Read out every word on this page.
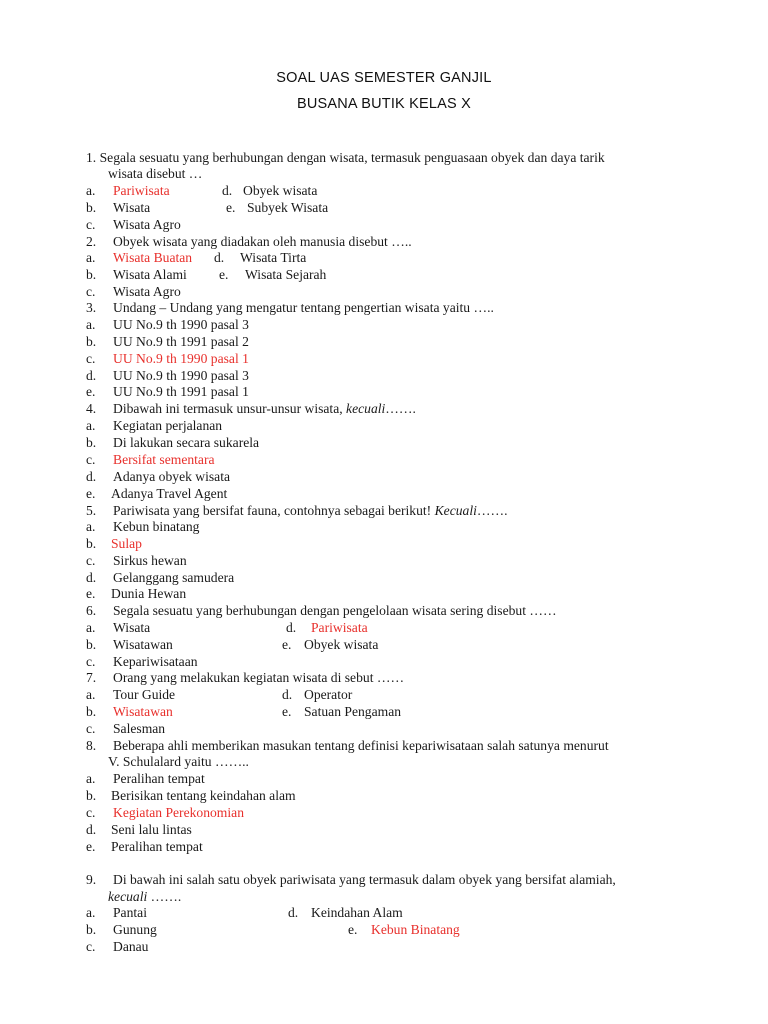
SOAL UAS SEMESTER GANJIL
BUSANA BUTIK KELAS X
1. Segala sesuatu yang berhubungan dengan wisata, termasuk penguasaan obyek dan daya tarik
wisata disebut …
a. Pariwisata	d. Obyek wisata
b. Wisata	e. Subyek Wisata
c. Wisata Agro
2. Obyek wisata yang diadakan oleh manusia disebut …..
a. Wisata Buatan d. Wisata Tirta
b. Wisata Alami e. Wisata Sejarah
c. Wisata Agro
3. Undang – Undang yang mengatur tentang pengertian wisata yaitu …..
a. UU No.9 th 1990 pasal 3
b. UU No.9 th 1991 pasal 2
c. UU No.9 th 1990 pasal 1
d. UU No.9 th 1990 pasal 3
e. UU No.9 th 1991 pasal 1
4. Dibawah ini termasuk unsur-unsur wisata, kecuali…….
a. Kegiatan perjalanan
b. Di lakukan secara sukarela
c. Bersifat sementara
d. Adanya obyek wisata
e. Adanya Travel Agent
5. Pariwisata yang bersifat fauna, contohnya sebagai berikut! Kecuali…….
a. Kebun binatang
b. Sulap
c. Sirkus hewan
d. Gelanggang samudera
e. Dunia Hewan
6. Segala sesuatu yang berhubungan dengan pengelolaan wisata sering disebut ……
a. Wisata	d. Pariwisata
b. Wisatawan	e. Obyek wisata
c. Kepariwisataan
7. Orang yang melakukan kegiatan wisata di sebut ……
a. Tour Guide	d. Operator
b. Wisatawan	e. Satuan Pengaman
c. Salesman
8. Beberapa ahli memberikan masukan tentang definisi kepariwisataan salah satunya menurut
V. Schulalard yaitu ……..
a. Peralihan tempat
b. Berisikan tentang keindahan alam
c. Kegiatan Perekonomian
d. Seni lalu lintas
e. Peralihan tempat
9. Di bawah ini salah satu obyek pariwisata yang termasuk dalam obyek yang bersifat alamiah,
kecuali …….
a. Pantai	d. Keindahan Alam
b. Gunung	e. Kebun Binatang
c. Danau
